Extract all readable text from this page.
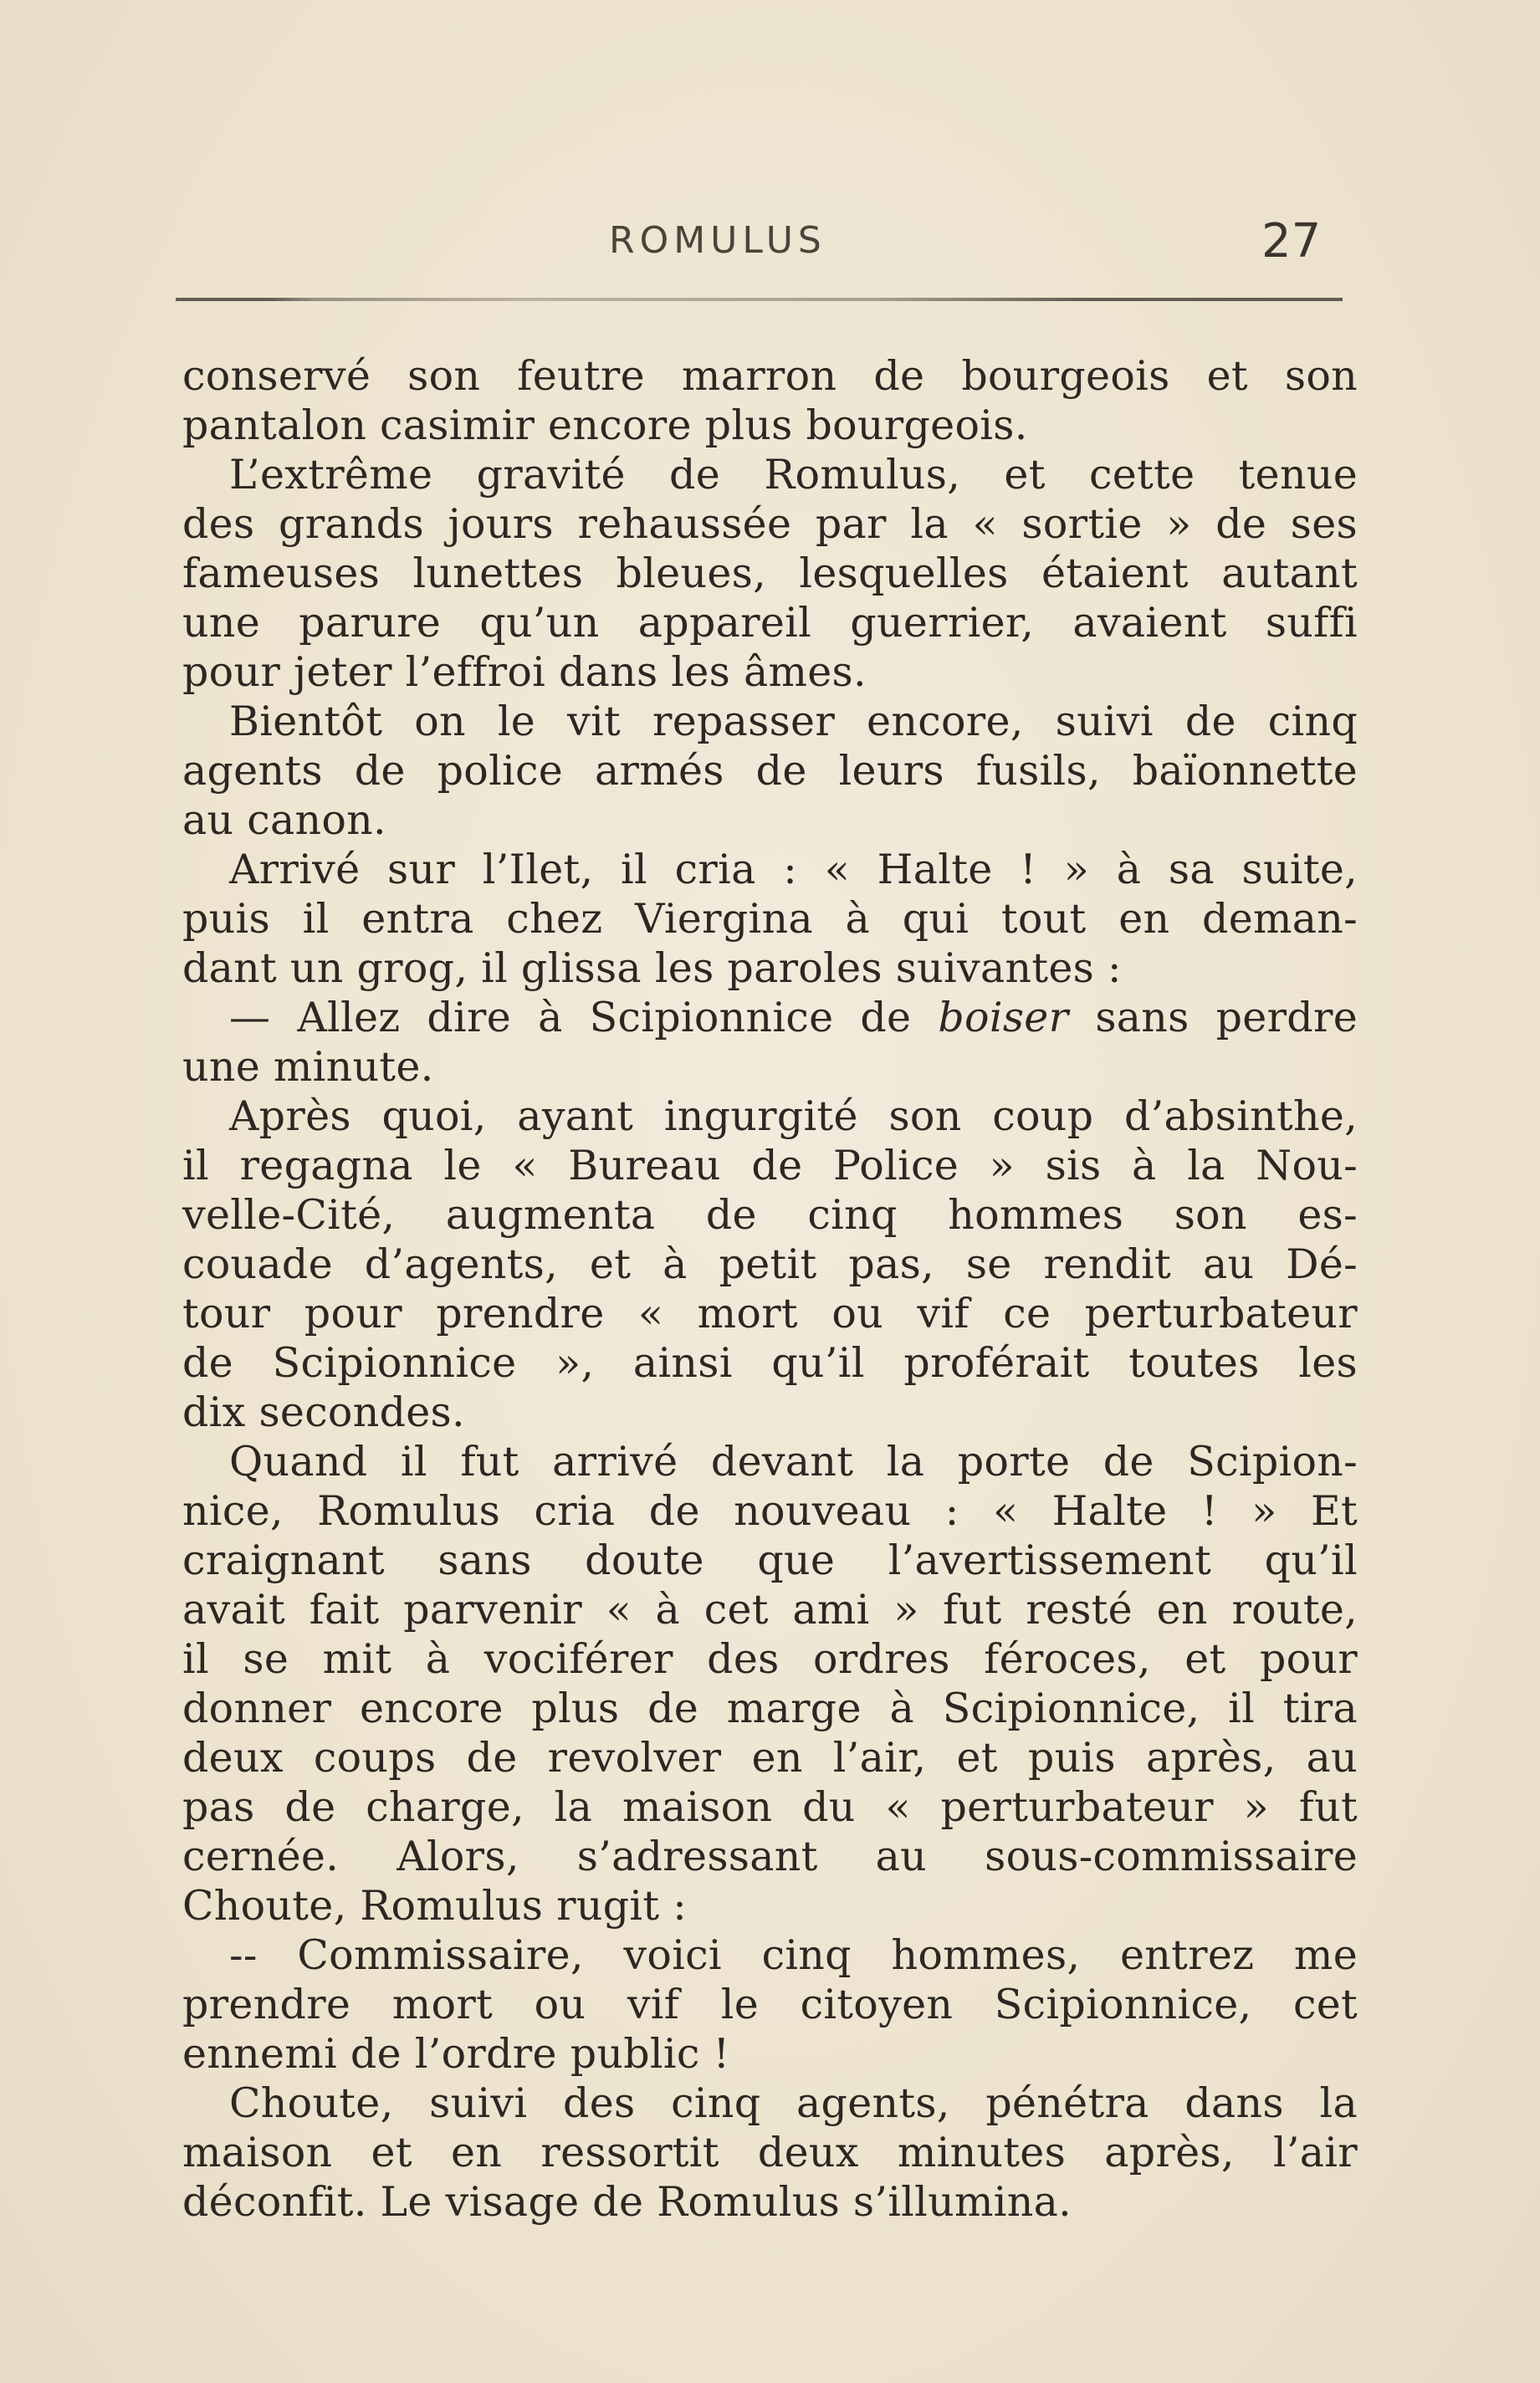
ROMULUS	27
conservé son feutre marron de bourgeois et son
pantalon casimir encore plus bourgeois.
L’extrême gravité de Romulus, et cette tenue
des grands jours rehaussée par la « sortie » de ses
fameuses lunettes bleues, lesquelles étaient autant
une parure qu’un appareil guerrier, avaient suffi
pour jeter l’effroi dans les âmes.
Bientôt on le vit repasser encore, suivi de cinq
agents de police armés de leurs fusils, baïonnette
au canon.
Arrivé sur l’Ilet, il cria : « Halte ! » à sa suite,
puis il entra chez Viergina à qui tout en deman-
dant un grog, il glissa les paroles suivantes :
— Allez dire à Scipionnice de boiser sans perdre
une minute.
Après quoi, ayant ingurgité son coup d’absinthe,
il regagna le « Bureau de Police » sis à la Nou-
velle-Cité, augmenta de cinq hommes son es-
couade d’agents, et à petit pas, se rendit au Dé-
tour pour prendre « mort ou vif ce perturbateur
de Scipionnice », ainsi qu’il proférait toutes les
dix secondes.
Quand il fut arrivé devant la porte de Scipion-
nice, Romulus cria de nouveau : « Halte ! » Et
craignant sans doute que l’avertissement qu’il
avait fait parvenir « à cet ami » fut resté en route,
il se mit à vociférer des ordres féroces, et pour
donner encore plus de marge à Scipionnice, il tira
deux coups de revolver en l’air, et puis après, au
pas de charge, la maison du « perturbateur » fut
cernée. Alors, s’adressant au sous-commissaire
Choute, Romulus rugit :
-- Commissaire, voici cinq hommes, entrez me
prendre mort ou vif le citoyen Scipionnice, cet
ennemi de l’ordre public !
Choute, suivi des cinq agents, pénétra dans la
maison et en ressortit deux minutes après, l’air
déconfit. Le visage de Romulus s’illumina.
